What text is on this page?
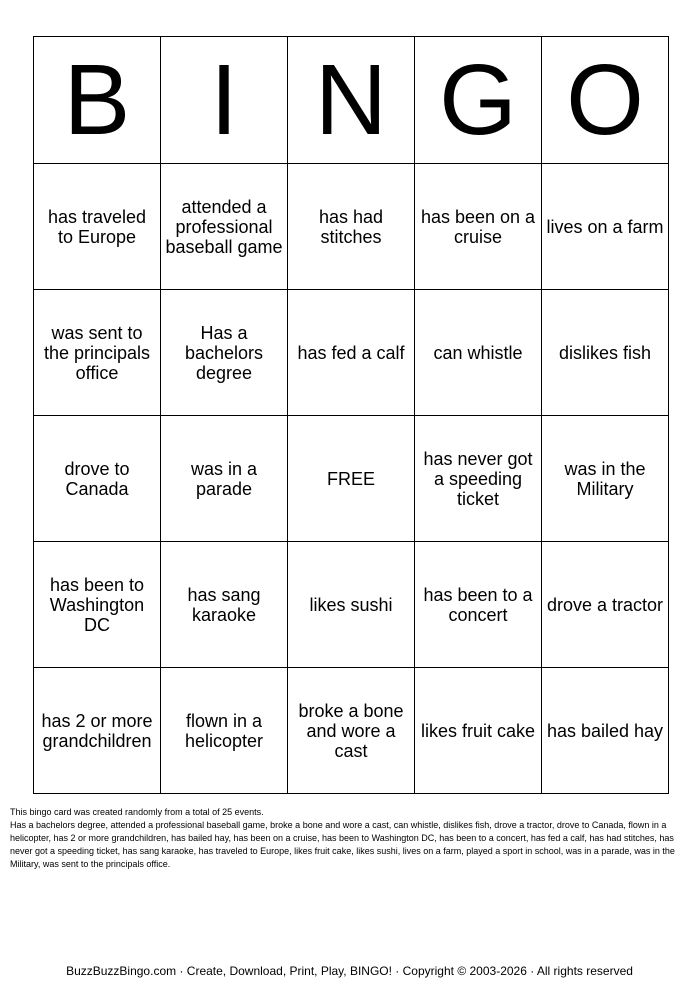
B	I	N	G	O
has traveled to Europe	attended a professional baseball game	has had stitches	has been on a cruise	lives on a farm
was sent to the principals office	Has a bachelors degree	has fed a calf	can whistle	dislikes fish
drove to Canada	was in a parade	FREE	has never got a speeding ticket	was in the Military
has been to Washington DC	has sang karaoke	likes sushi	has been to a concert	drove a tractor
has 2 or more grandchildren	flown in a helicopter	broke a bone and wore a cast	likes fruit cake	has bailed hay

This bingo card was created randomly from a total of 25 events.

Has a bachelors degree, attended a professional baseball game, broke a bone and wore a cast, can whistle, dislikes fish, drove a tractor, drove to Canada, flown in a helicopter, has 2 or more grandchildren, has bailed hay, has been on a cruise, has been to Washington DC, has been to a concert, has fed a calf, has had stitches, has never got a speeding ticket, has sang karaoke, has traveled to Europe, likes fruit cake, likes sushi, lives on a farm, played a sport in school, was in a parade, was in the Military, was sent to the principals office.

BuzzBuzzBingo.com · Create, Download, Print, Play, BINGO! · Copyright © 2003-2026 · All rights reserved
